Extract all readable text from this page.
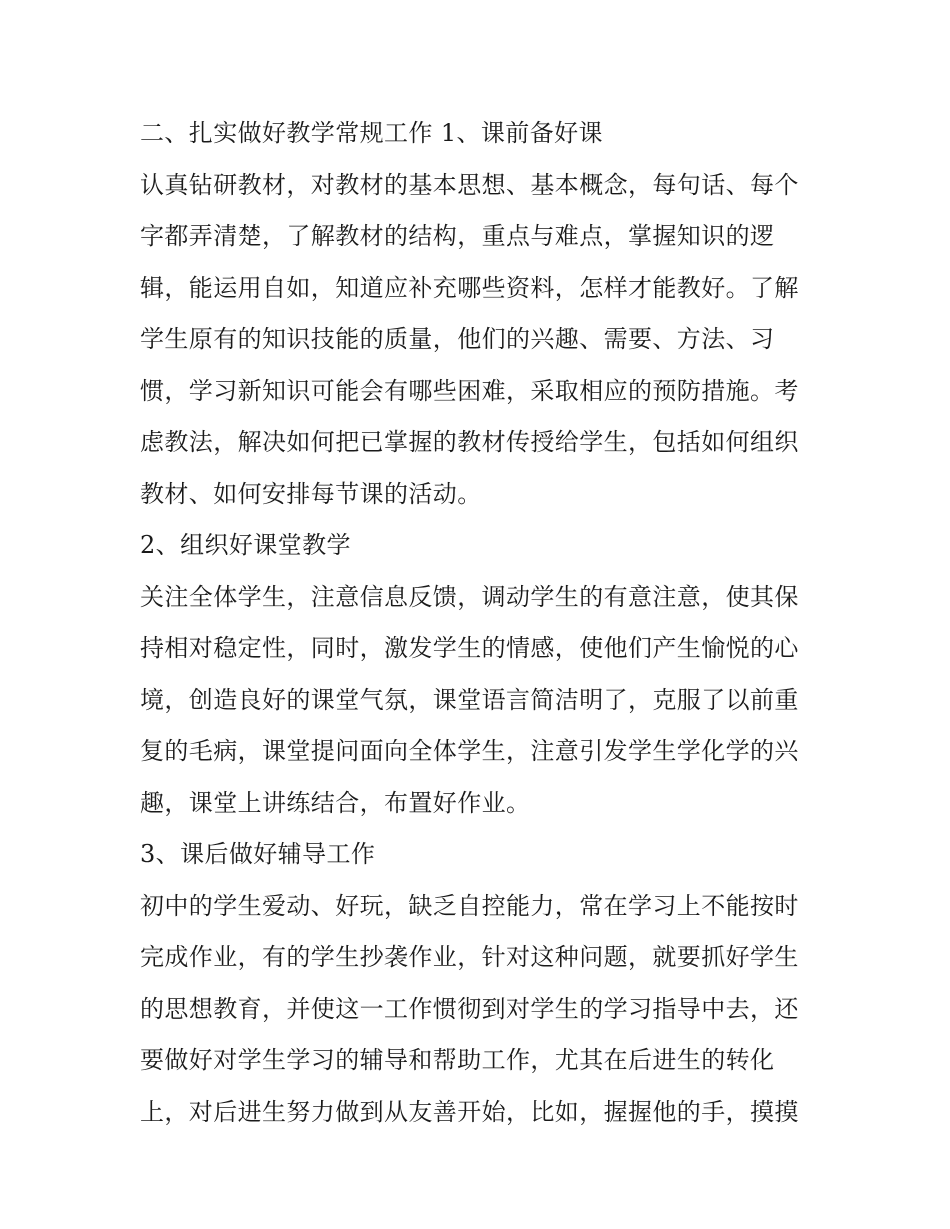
二、扎实做好教学常规工作 1、课前备好课
认真钻研教材，对教材的基本思想、基本概念，每句话、每个
字都弄清楚，了解教材的结构，重点与难点，掌握知识的逻
辑，能运用自如，知道应补充哪些资料，怎样才能教好。了解
学生原有的知识技能的质量，他们的兴趣、需要、方法、习
惯，学习新知识可能会有哪些困难，采取相应的预防措施。考
虑教法，解决如何把已掌握的教材传授给学生，包括如何组织
教材、如何安排每节课的活动。
2、组织好课堂教学
关注全体学生，注意信息反馈，调动学生的有意注意，使其保
持相对稳定性，同时，激发学生的情感，使他们产生愉悦的心
境，创造良好的课堂气氛，课堂语言简洁明了，克服了以前重
复的毛病，课堂提问面向全体学生，注意引发学生学化学的兴
趣，课堂上讲练结合，布置好作业。
3、课后做好辅导工作
初中的学生爱动、好玩，缺乏自控能力，常在学习上不能按时
完成作业，有的学生抄袭作业，针对这种问题，就要抓好学生
的思想教育，并使这一工作惯彻到对学生的学习指导中去，还
要做好对学生学习的辅导和帮助工作，尤其在后进生的转化
上，对后进生努力做到从友善开始，比如，握握他的手，摸摸
